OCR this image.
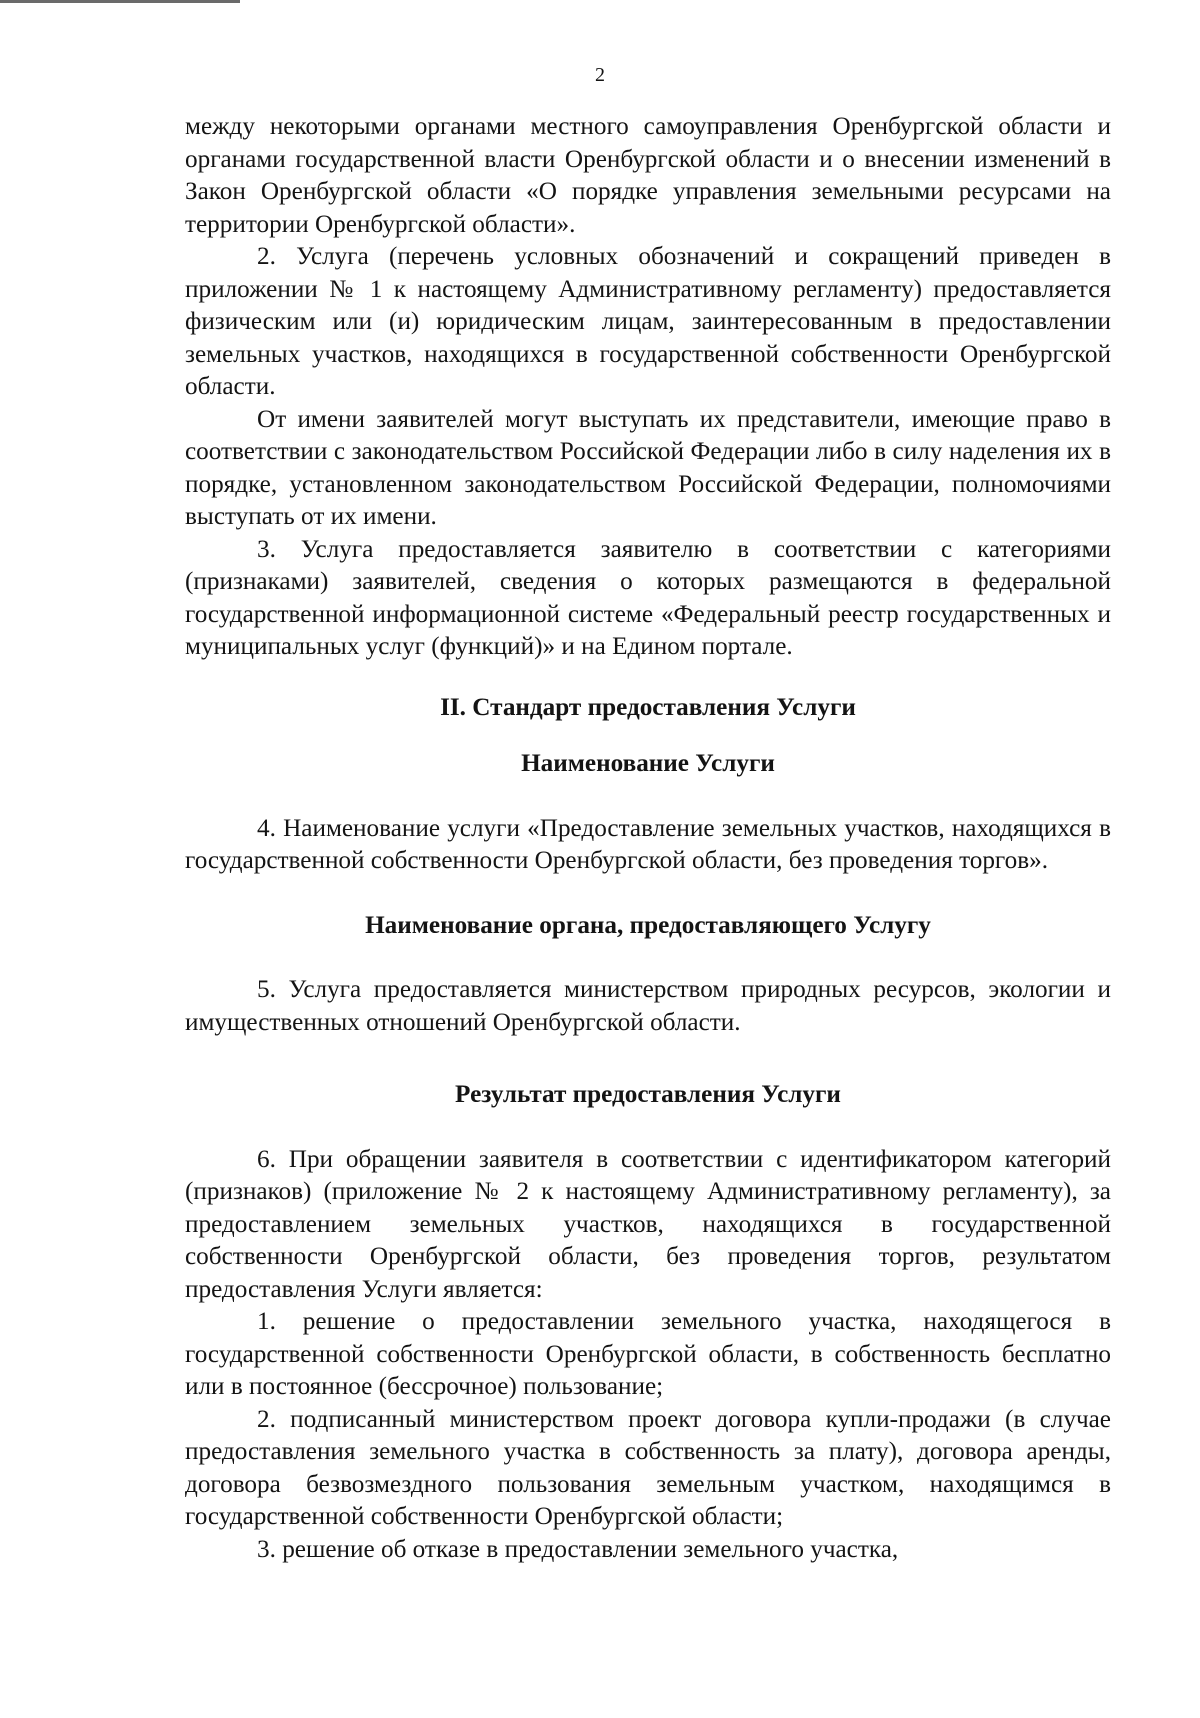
2

между некоторыми органами местного самоуправления Оренбургской области и органами государственной власти Оренбургской области и о внесении изменений в Закон Оренбургской области «О порядке управления земельными ресурсами на территории Оренбургской области».

2. Услуга (перечень условных обозначений и сокращений приведен в приложении № 1 к настоящему Административному регламенту) предоставляется физическим или (и) юридическим лицам, заинтересованным в предоставлении земельных участков, находящихся в государственной собственности Оренбургской области.

От имени заявителей могут выступать их представители, имеющие право в соответствии с законодательством Российской Федерации либо в силу наделения их в порядке, установленном законодательством Российской Федерации, полномочиями выступать от их имени.

3. Услуга предоставляется заявителю в соответствии с категориями (признаками) заявителей, сведения о которых размещаются в федеральной государственной информационной системе «Федеральный реестр государственных и муниципальных услуг (функций)» и на Едином портале.

II. Стандарт предоставления Услуги

Наименование Услуги

4. Наименование услуги «Предоставление земельных участков, находящихся в государственной собственности Оренбургской области, без проведения торгов».

Наименование органа, предоставляющего Услугу

5. Услуга предоставляется министерством природных ресурсов, экологии и имущественных отношений Оренбургской области.

Результат предоставления Услуги

6. При обращении заявителя в соответствии с идентификатором категорий (признаков) (приложение № 2 к настоящему Административному регламенту), за предоставлением земельных участков, находящихся в государственной собственности Оренбургской области, без проведения торгов, результатом предоставления Услуги является:

1. решение о предоставлении земельного участка, находящегося в государственной собственности Оренбургской области, в собственность бесплатно или в постоянное (бессрочное) пользование;

2. подписанный министерством проект договора купли-продажи (в случае предоставления земельного участка в собственность за плату), договора аренды, договора безвозмездного пользования земельным участком, находящимся в государственной собственности Оренбургской области;

3. решение об отказе в предоставлении земельного участка,
